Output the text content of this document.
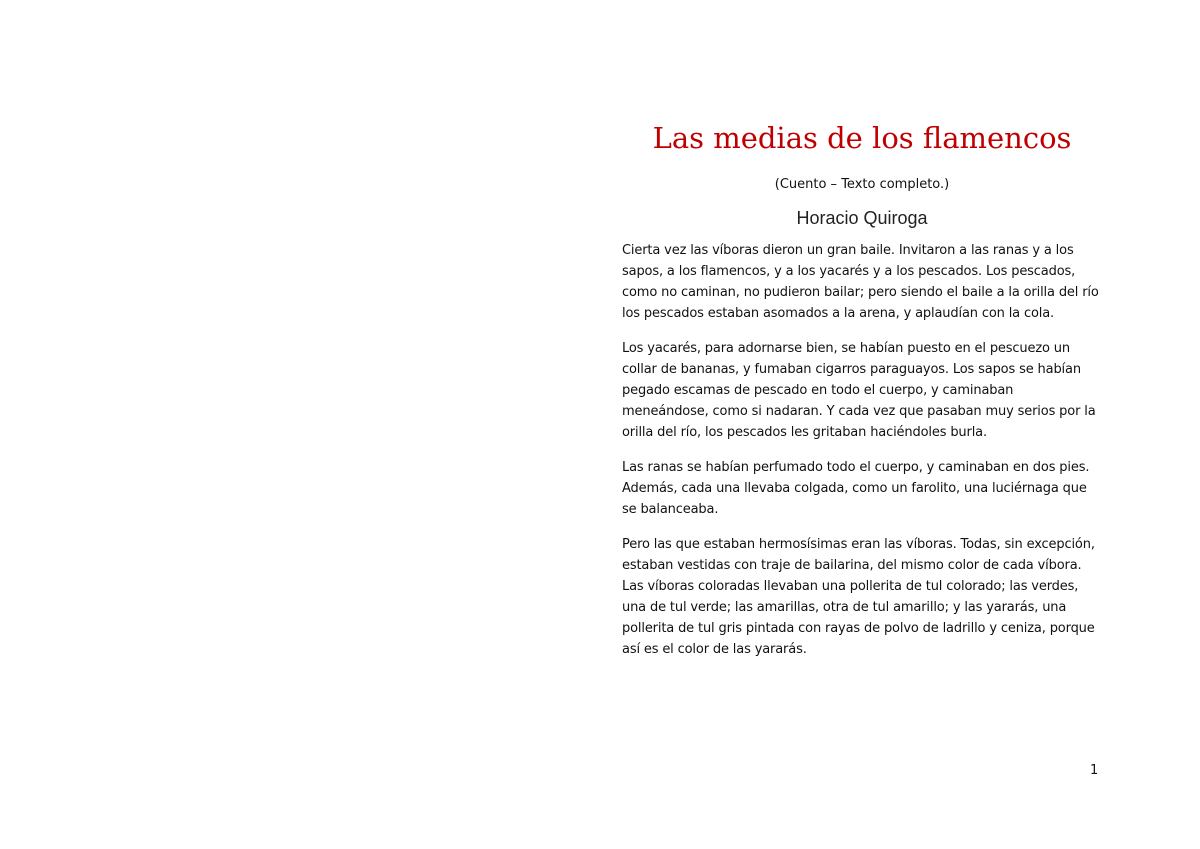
Las medias de los flamencos

(Cuento – Texto completo.)

Horacio Quiroga

Cierta vez las víboras dieron un gran baile. Invitaron a las ranas y a los sapos, a los flamencos, y a los yacarés y a los pescados. Los pescados, como no caminan, no pudieron bailar; pero siendo el baile a la orilla del río los pescados estaban asomados a la arena, y aplaudían con la cola.

Los yacarés, para adornarse bien, se habían puesto en el pescuezo un collar de bananas, y fumaban cigarros paraguayos. Los sapos se habían pegado escamas de pescado en todo el cuerpo, y caminaban meneándose, como si nadaran. Y cada vez que pasaban muy serios por la orilla del río, los pescados les gritaban haciéndoles burla.

Las ranas se habían perfumado todo el cuerpo, y caminaban en dos pies. Además, cada una llevaba colgada, como un farolito, una luciérnaga que se balanceaba.

Pero las que estaban hermosísimas eran las víboras. Todas, sin excepción, estaban vestidas con traje de bailarina, del mismo color de cada víbora. Las víboras coloradas llevaban una pollerita de tul colorado; las verdes, una de tul verde; las amarillas, otra de tul amarillo; y las yararás, una pollerita de tul gris pintada con rayas de polvo de ladrillo y ceniza, porque así es el color de las yararás.

1
